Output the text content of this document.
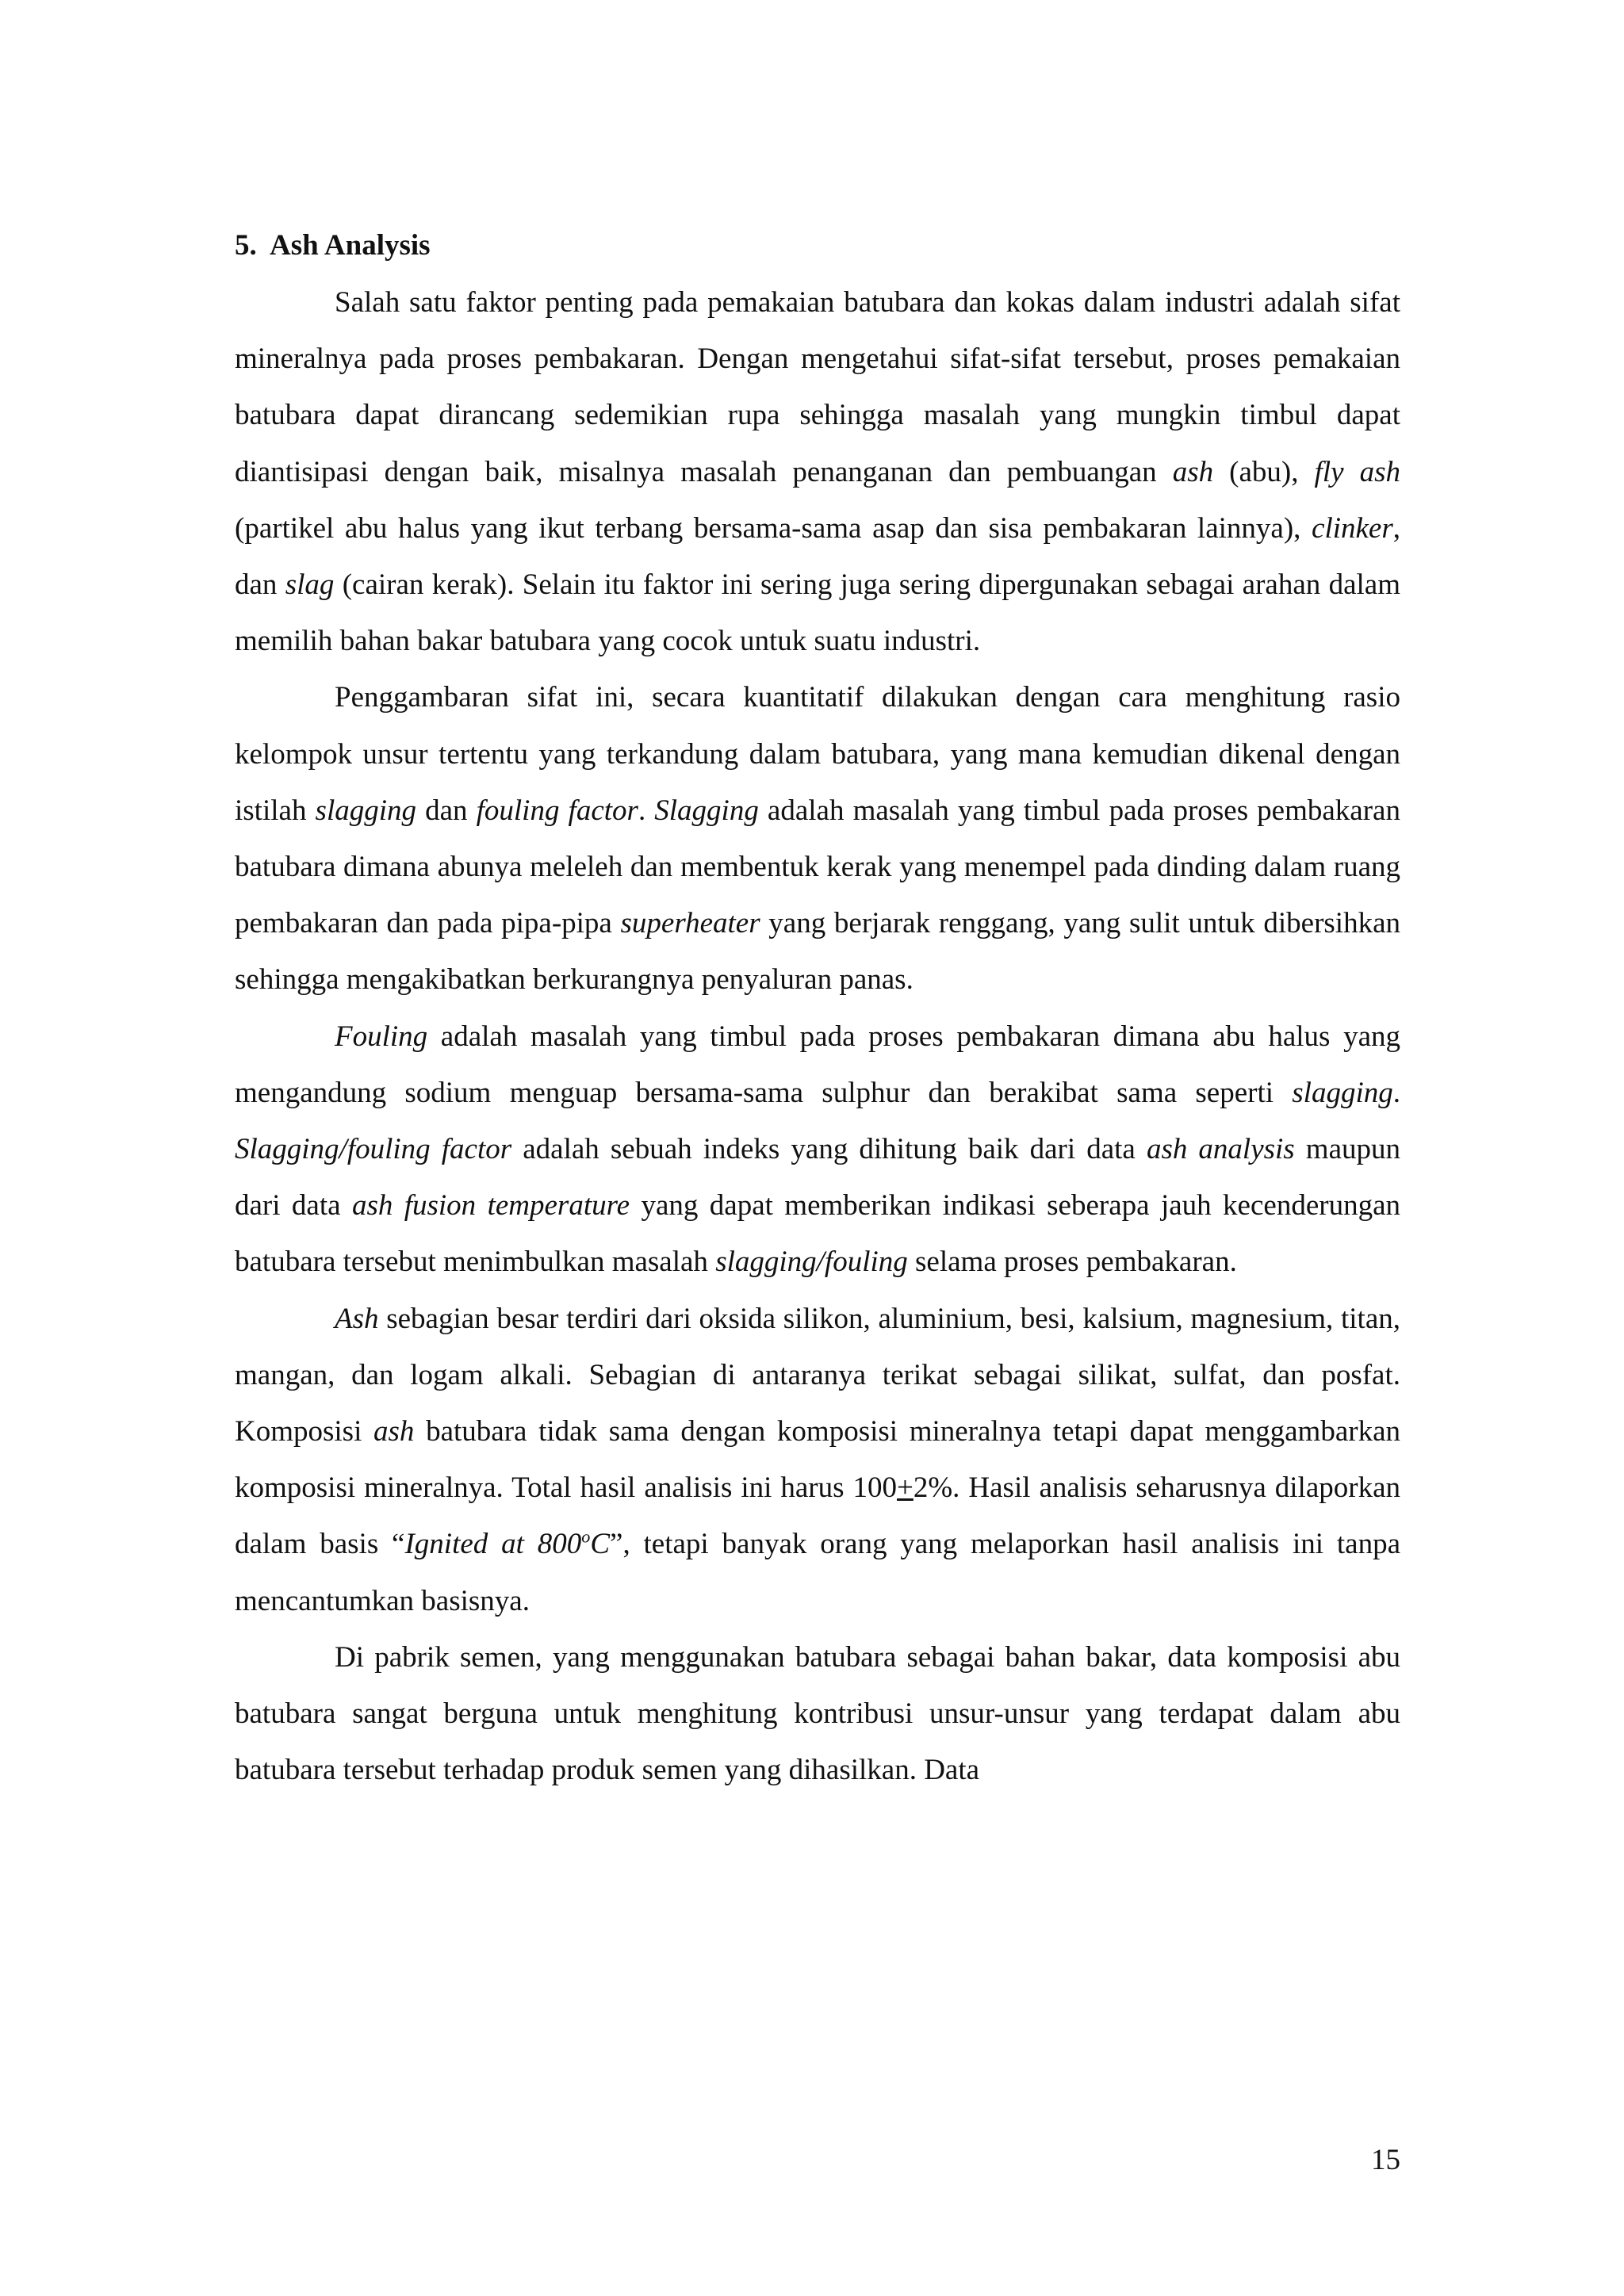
5. Ash Analysis

Salah satu faktor penting pada pemakaian batubara dan kokas dalam industri adalah sifat mineralnya pada proses pembakaran. Dengan mengetahui sifat-sifat tersebut, proses pemakaian batubara dapat dirancang sedemikian rupa sehingga masalah yang mungkin timbul dapat diantisipasi dengan baik, misalnya masalah penanganan dan pembuangan ash (abu), fly ash (partikel abu halus yang ikut terbang bersama-sama asap dan sisa pembakaran lainnya), clinker, dan slag (cairan kerak). Selain itu faktor ini sering juga sering dipergunakan sebagai arahan dalam memilih bahan bakar batubara yang cocok untuk suatu industri.

Penggambaran sifat ini, secara kuantitatif dilakukan dengan cara menghitung rasio kelompok unsur tertentu yang terkandung dalam batubara, yang mana kemudian dikenal dengan istilah slagging dan fouling factor. Slagging adalah masalah yang timbul pada proses pembakaran batubara dimana abunya meleleh dan membentuk kerak yang menempel pada dinding dalam ruang pembakaran dan pada pipa-pipa superheater yang berjarak renggang, yang sulit untuk dibersihkan sehingga mengakibatkan berkurangnya penyaluran panas.

Fouling adalah masalah yang timbul pada proses pembakaran dimana abu halus yang mengandung sodium menguap bersama-sama sulphur dan berakibat sama seperti slagging. Slagging/fouling factor adalah sebuah indeks yang dihitung baik dari data ash analysis maupun dari data ash fusion temperature yang dapat memberikan indikasi seberapa jauh kecenderungan batubara tersebut menimbulkan masalah slagging/fouling selama proses pembakaran.

Ash sebagian besar terdiri dari oksida silikon, aluminium, besi, kalsium, magnesium, titan, mangan, dan logam alkali. Sebagian di antaranya terikat sebagai silikat, sulfat, dan posfat. Komposisi ash batubara tidak sama dengan komposisi mineralnya tetapi dapat menggambarkan komposisi mineralnya. Total hasil analisis ini harus 100+2%. Hasil analisis seharusnya dilaporkan dalam basis “Ignited at 800$^o$C”, tetapi banyak orang yang melaporkan hasil analisis ini tanpa mencantumkan basisnya.

Di pabrik semen, yang menggunakan batubara sebagai bahan bakar, data komposisi abu batubara sangat berguna untuk menghitung kontribusi unsur-unsur yang terdapat dalam abu batubara tersebut terhadap produk semen yang dihasilkan. Data

15
